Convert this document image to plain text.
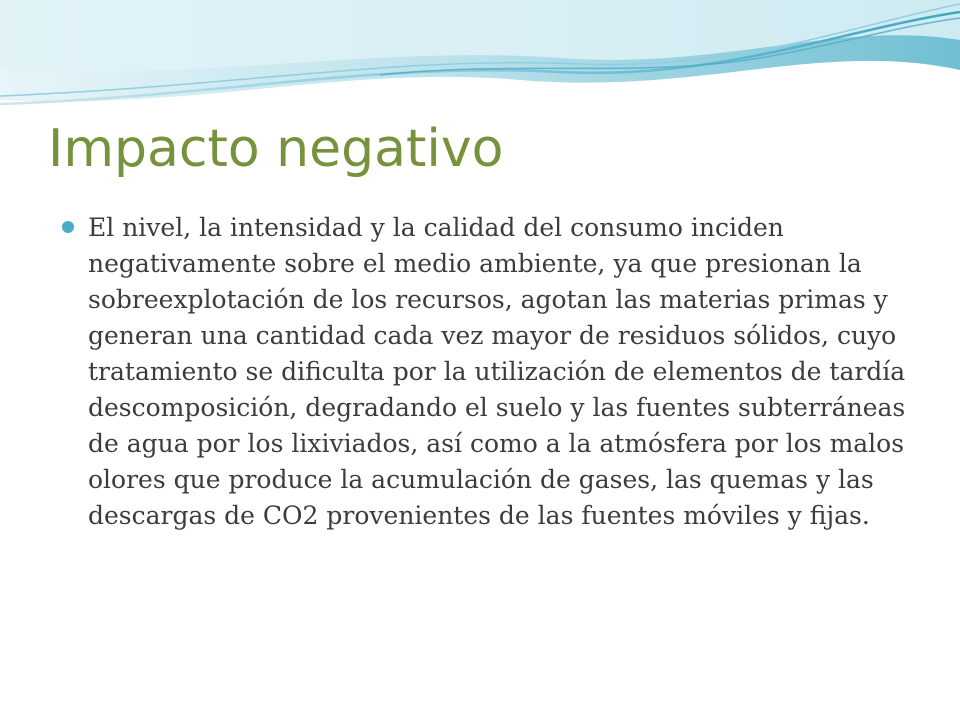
Impacto negativo
El nivel, la intensidad y la calidad del consumo inciden negativamente sobre el medio ambiente, ya que presionan la sobreexplotación de los recursos, agotan las materias primas y generan una cantidad cada vez mayor de residuos sólidos, cuyo tratamiento se dificulta por la utilización de elementos de tardía descomposición, degradando el suelo y las fuentes subterráneas de agua por los lixiviados, así como a la atmósfera por los malos olores que produce la acumulación de gases, las quemas y las descargas de CO2 provenientes de las fuentes móviles y fijas.
